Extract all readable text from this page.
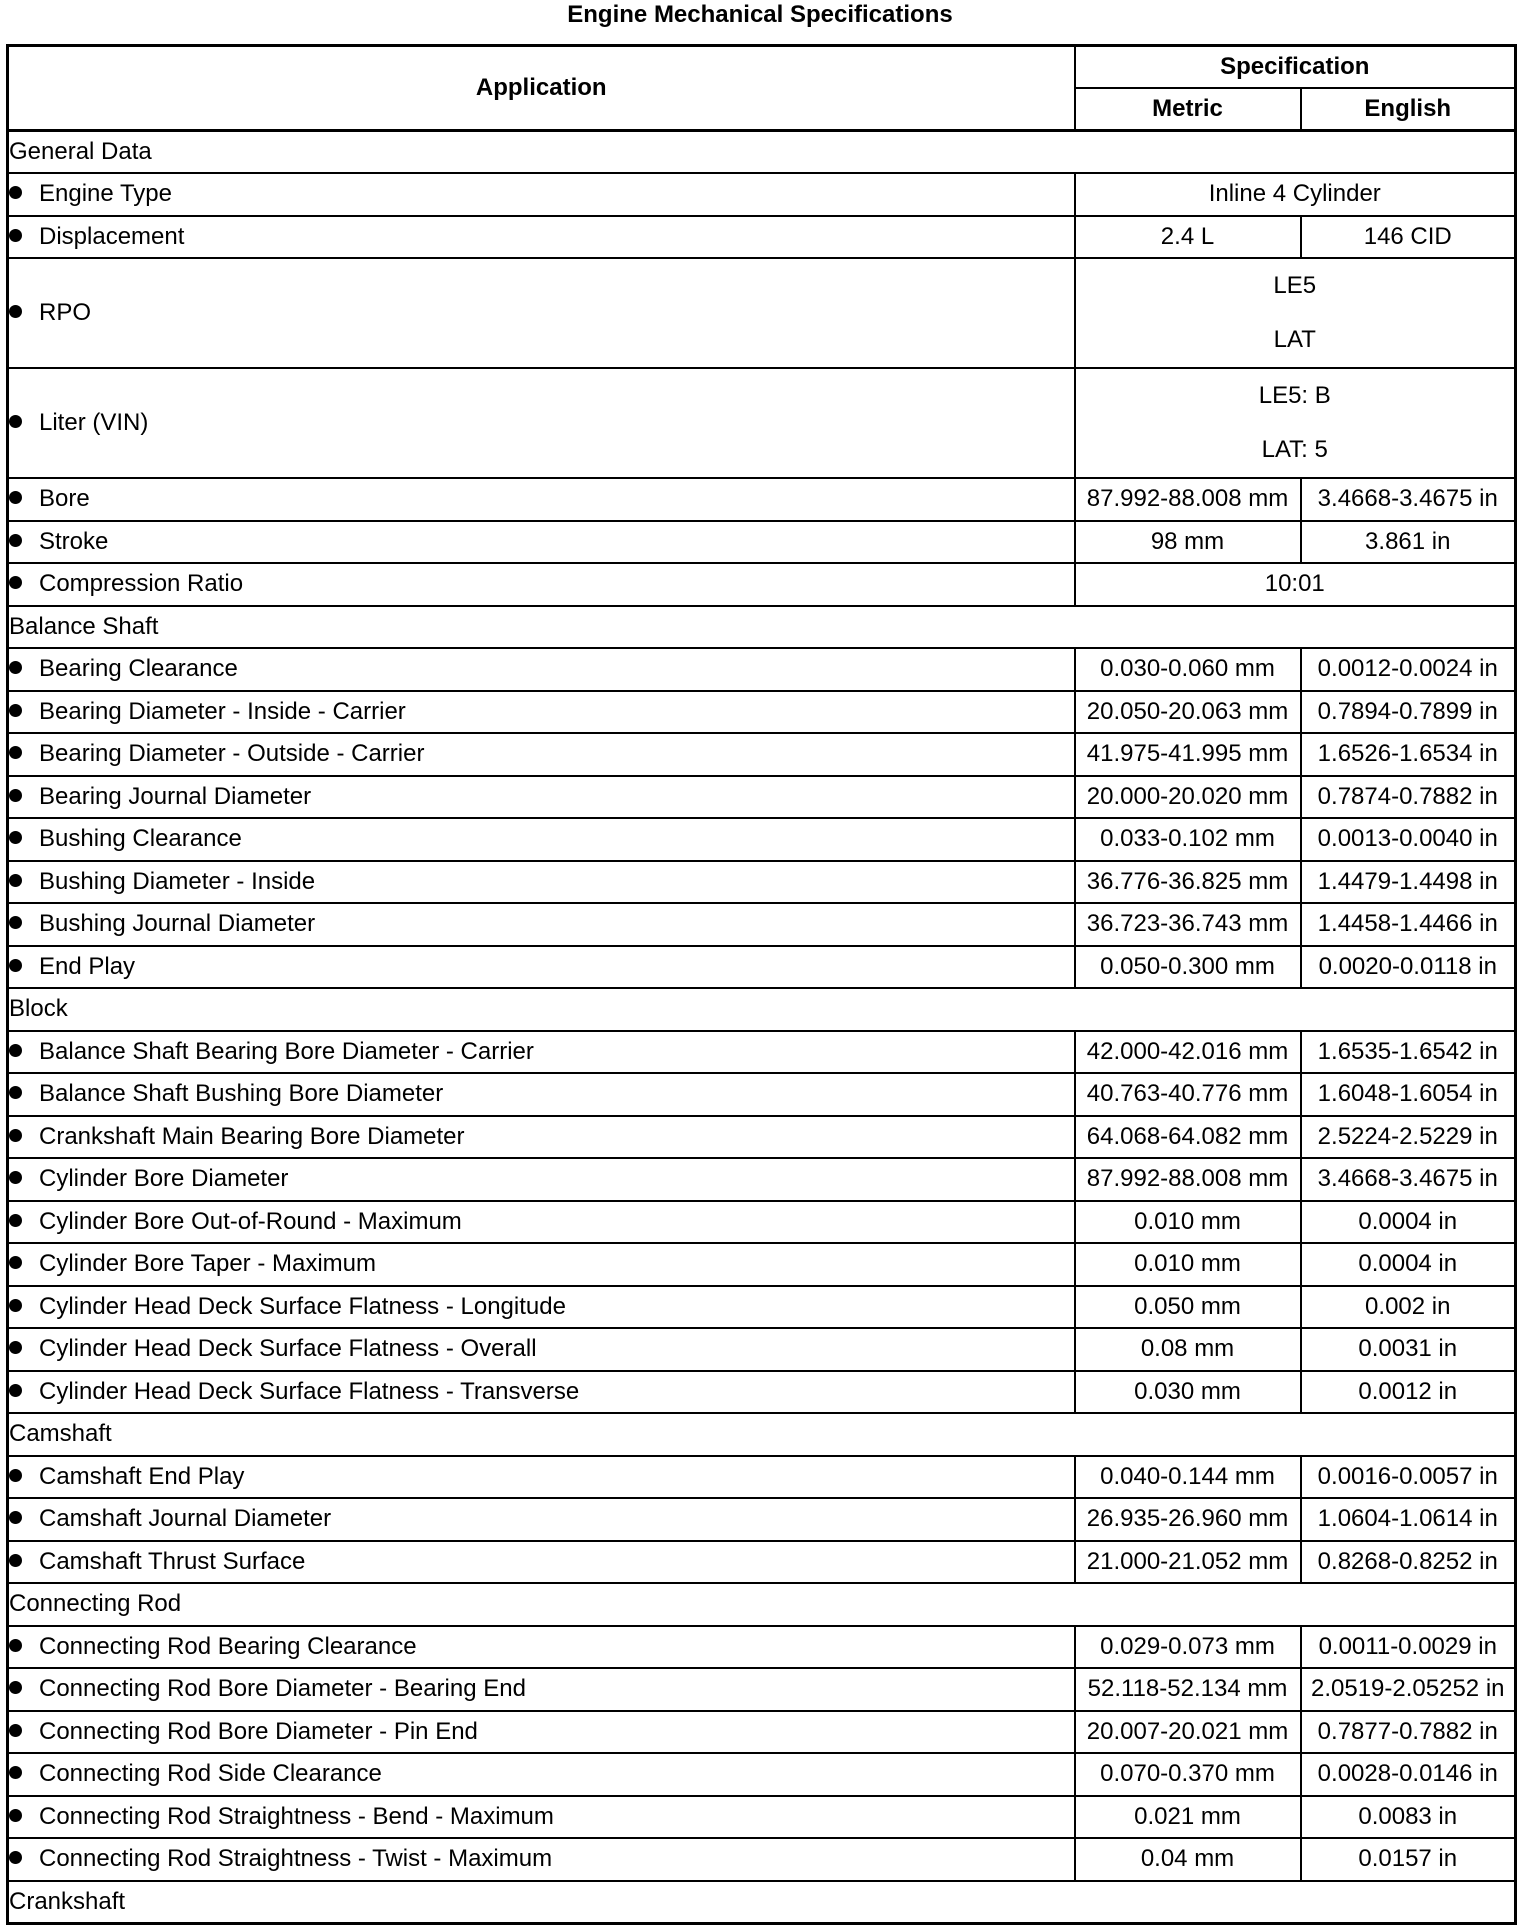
Engine Mechanical Specifications
Application	Specification	
	Metric	English
General Data		
Engine Type	Inline 4 Cylinder	
Displacement	2.4 L	146 CID
RPO	LE5
LAT	

Liter (VIN)	LE5: B
LAT: 5	

Bore	87.992-88.008 mm	3.4668-3.4675 in
Stroke	98 mm	3.861 in
Compression Ratio	10:01	
Balance Shaft		
Bearing Clearance	0.030-0.060 mm	0.0012-0.0024 in
Bearing Diameter - Inside - Carrier	20.050-20.063 mm	0.7894-0.7899 in
Bearing Diameter - Outside - Carrier	41.975-41.995 mm	1.6526-1.6534 in
Bearing Journal Diameter	20.000-20.020 mm	0.7874-0.7882 in
Bushing Clearance	0.033-0.102 mm	0.0013-0.0040 in
Bushing Diameter - Inside	36.776-36.825 mm	1.4479-1.4498 in
Bushing Journal Diameter	36.723-36.743 mm	1.4458-1.4466 in
End Play	0.050-0.300 mm	0.0020-0.0118 in
Block		
Balance Shaft Bearing Bore Diameter - Carrier	42.000-42.016 mm	1.6535-1.6542 in
Balance Shaft Bushing Bore Diameter	40.763-40.776 mm	1.6048-1.6054 in
Crankshaft Main Bearing Bore Diameter	64.068-64.082 mm	2.5224-2.5229 in
Cylinder Bore Diameter	87.992-88.008 mm	3.4668-3.4675 in
Cylinder Bore Out-of-Round - Maximum	0.010 mm	0.0004 in
Cylinder Bore Taper - Maximum	0.010 mm	0.0004 in
Cylinder Head Deck Surface Flatness - Longitude	0.050 mm	0.002 in
Cylinder Head Deck Surface Flatness - Overall	0.08 mm	0.0031 in
Cylinder Head Deck Surface Flatness - Transverse	0.030 mm	0.0012 in
Camshaft		
Camshaft End Play	0.040-0.144 mm	0.0016-0.0057 in
Camshaft Journal Diameter	26.935-26.960 mm	1.0604-1.0614 in
Camshaft Thrust Surface	21.000-21.052 mm	0.8268-0.8252 in
Connecting Rod		
Connecting Rod Bearing Clearance	0.029-0.073 mm	0.0011-0.0029 in
Connecting Rod Bore Diameter - Bearing End	52.118-52.134 mm	2.0519-2.05252 in
Connecting Rod Bore Diameter - Pin End	20.007-20.021 mm	0.7877-0.7882 in
Connecting Rod Side Clearance	0.070-0.370 mm	0.0028-0.0146 in
Connecting Rod Straightness - Bend - Maximum	0.021 mm	0.0083 in
Connecting Rod Straightness - Twist - Maximum	0.04 mm	0.0157 in
Crankshaft		
